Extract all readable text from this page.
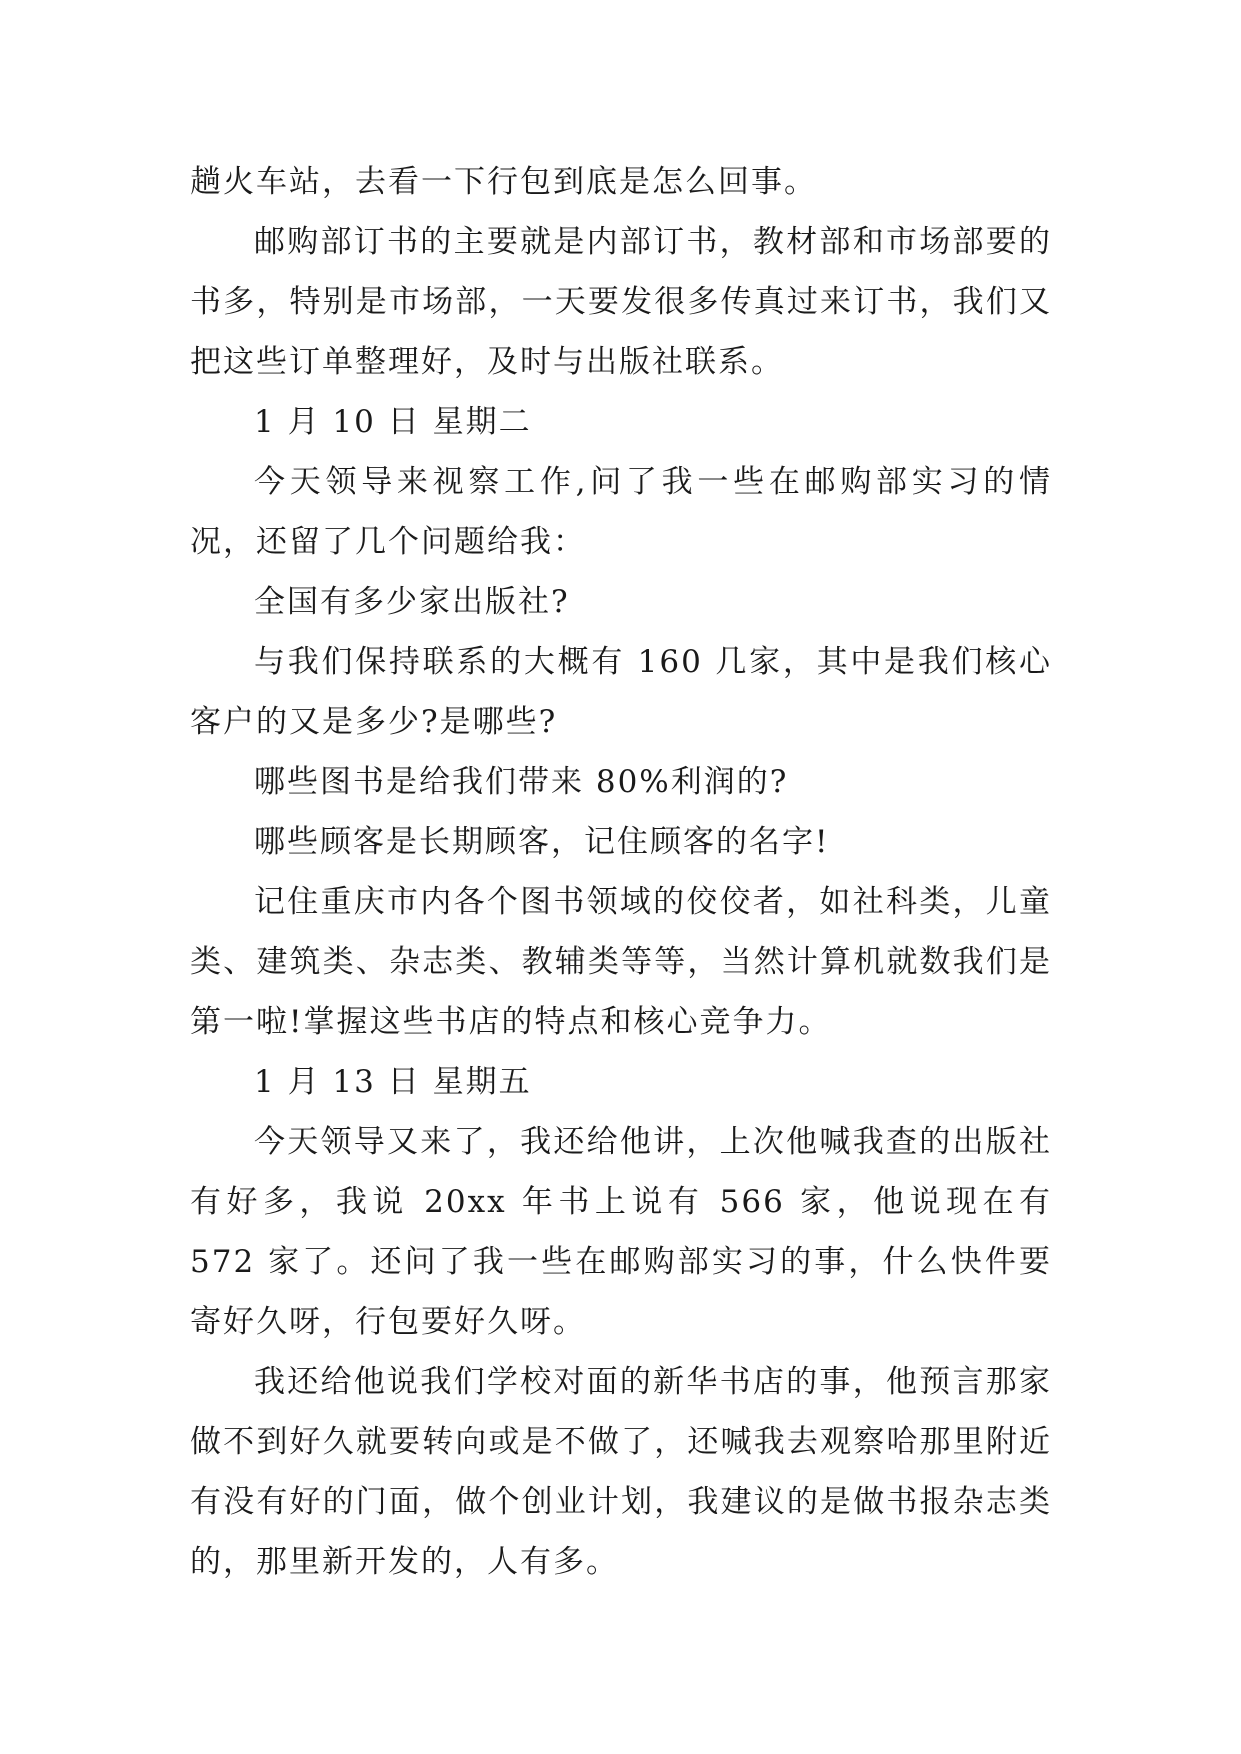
趟火车站，去看一下行包到底是怎么回事。

邮购部订书的主要就是内部订书，教材部和市场部要的书多，特别是市场部，一天要发很多传真过来订书，我们又把这些订单整理好，及时与出版社联系。

1 月 10 日 星期二

今天领导来视察工作,问了我一些在邮购部实习的情况，还留了几个问题给我：

全国有多少家出版社?

与我们保持联系的大概有 160 几家，其中是我们核心客户的又是多少?是哪些?

哪些图书是给我们带来 80%利润的?

哪些顾客是长期顾客，记住顾客的名字!

记住重庆市内各个图书领域的佼佼者，如社科类，儿童类、建筑类、杂志类、教辅类等等，当然计算机就数我们是第一啦!掌握这些书店的特点和核心竞争力。

1 月 13 日 星期五

今天领导又来了，我还给他讲，上次他喊我查的出版社有好多，我说 20xx 年书上说有 566 家，他说现在有 572 家了。还问了我一些在邮购部实习的事，什么快件要寄好久呀，行包要好久呀。

我还给他说我们学校对面的新华书店的事，他预言那家做不到好久就要转向或是不做了，还喊我去观察哈那里附近有没有好的门面，做个创业计划，我建议的是做书报杂志类的，那里新开发的，人有多。
